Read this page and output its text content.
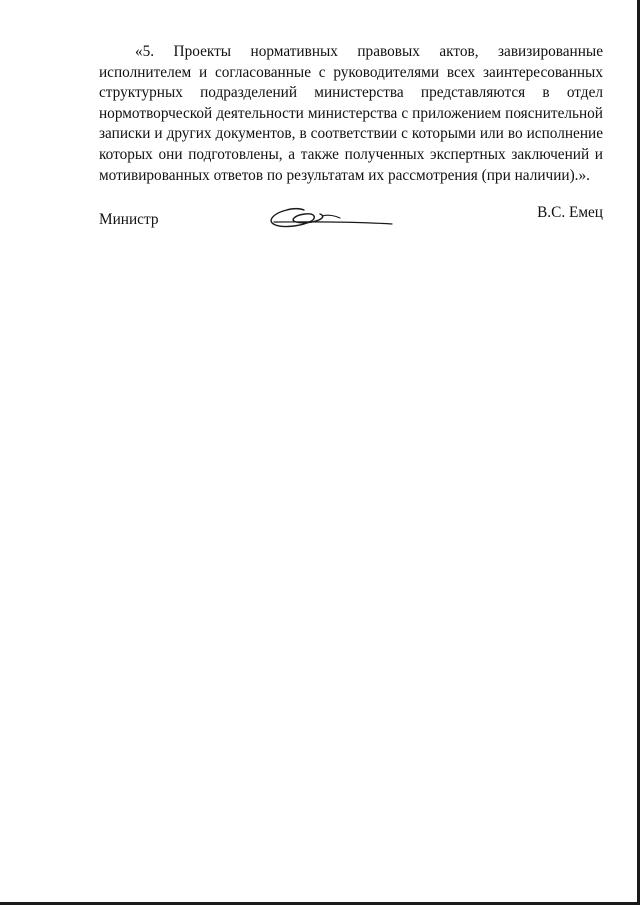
«5. Проекты нормативных правовых актов, завизированные
исполнителем и согласованные с руководителями всех заинтересованных
структурных подразделений министерства представляются в отдел
нормотворческой деятельности министерства с приложением пояснительной
записки и других документов, в соответствии с которыми или во исполнение
которых они подготовлены, а также полученных экспертных заключений и
мотивированных ответов по результатам их рассмотрения (при наличии).».
Министр	В.С. Емец
